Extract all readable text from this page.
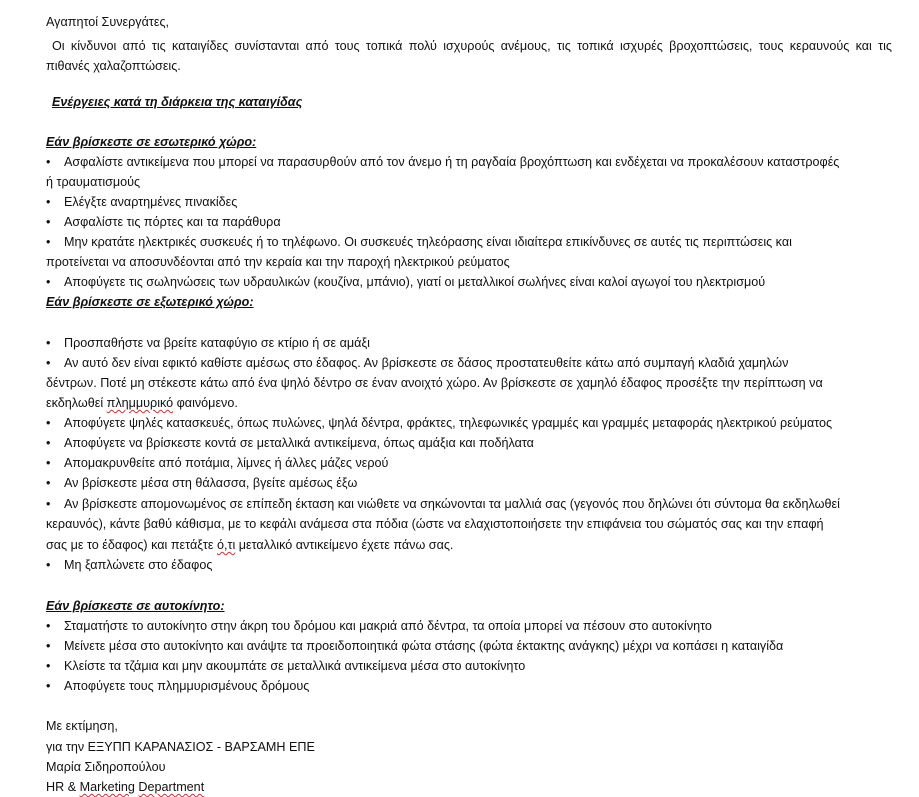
Αγαπητοί Συνεργάτες,
Οι κίνδυνοι από τις καταιγίδες συνίστανται από τους τοπικά πολύ ισχυρούς ανέμους, τις τοπικά ισχυρές βροχοπτώσεις, τους κεραυνούς και τις
πιθανές χαλαζοπτώσεις.
Ενέργειες κατά τη διάρκεια της καταιγίδας
Εάν βρίσκεστε σε εσωτερικό χώρο:
• Ασφαλίστε αντικείμενα που μπορεί να παρασυρθούν από τον άνεμο ή τη ραγδαία βροχόπτωση και ενδέχεται να προκαλέσουν καταστροφές
ή τραυματισμούς
• Ελέγξτε αναρτημένες πινακίδες
• Ασφαλίστε τις πόρτες και τα παράθυρα
• Μην κρατάτε ηλεκτρικές συσκευές ή το τηλέφωνο. Οι συσκευές τηλεόρασης είναι ιδιαίτερα επικίνδυνες σε αυτές τις περιπτώσεις και
προτείνεται να αποσυνδέονται από την κεραία και την παροχή ηλεκτρικού ρεύματος
• Αποφύγετε τις σωληνώσεις των υδραυλικών (κουζίνα, μπάνιο), γιατί οι μεταλλικοί σωλήνες είναι καλοί αγωγοί του ηλεκτρισμού
Εάν βρίσκεστε σε εξωτερικό χώρο:
• Προσπαθήστε να βρείτε καταφύγιο σε κτίριο ή σε αμάξι
• Αν αυτό δεν είναι εφικτό καθίστε αμέσως στο έδαφος. Αν βρίσκεστε σε δάσος προστατευθείτε κάτω από συμπαγή κλαδιά χαμηλών
δέντρων. Ποτέ μη στέκεστε κάτω από ένα ψηλό δέντρο σε έναν ανοιχτό χώρο. Αν βρίσκεστε σε χαμηλό έδαφος προσέξτε την περίπτωση να
εκδηλωθεί πλημμυρικό φαινόμενο.
• Αποφύγετε ψηλές κατασκευές, όπως πυλώνες, ψηλά δέντρα, φράκτες, τηλεφωνικές γραμμές και γραμμές μεταφοράς ηλεκτρικού ρεύματος
• Αποφύγετε να βρίσκεστε κοντά σε μεταλλικά αντικείμενα, όπως αμάξια και ποδήλατα
• Απομακρυνθείτε από ποτάμια, λίμνες ή άλλες μάζες νερού
• Αν βρίσκεστε μέσα στη θάλασσα, βγείτε αμέσως έξω
• Αν βρίσκεστε απομονωμένος σε επίπεδη έκταση και νιώθετε να σηκώνονται τα μαλλιά σας (γεγονός που δηλώνει ότι σύντομα θα εκδηλωθεί
κεραυνός), κάντε βαθύ κάθισμα, με το κεφάλι ανάμεσα στα πόδια (ώστε να ελαχιστοποιήσετε την επιφάνεια του σώματός σας και την επαφή
σας με το έδαφος) και πετάξτε ό,τι μεταλλικό αντικείμενο έχετε πάνω σας.
• Μη ξαπλώνετε στο έδαφος
Εάν βρίσκεστε σε αυτοκίνητο:
• Σταματήστε το αυτοκίνητο στην άκρη του δρόμου και μακριά από δέντρα, τα οποία μπορεί να πέσουν στο αυτοκίνητο
• Μείνετε μέσα στο αυτοκίνητο και ανάψτε τα προειδοποιητικά φώτα στάσης (φώτα έκτακτης ανάγκης) μέχρι να κοπάσει η καταιγίδα
• Κλείστε τα τζάμια και μην ακουμπάτε σε μεταλλικά αντικείμενα μέσα στο αυτοκίνητο
• Αποφύγετε τους πλημμυρισμένους δρόμους
Με εκτίμηση,
για την ΕΞΥΠΠ ΚΑΡΑΝΑΣΙΟΣ - ΒΑΡΣΑΜΗ ΕΠΕ
Μαρία Σιδηροπούλου
HR & Marketing Department
